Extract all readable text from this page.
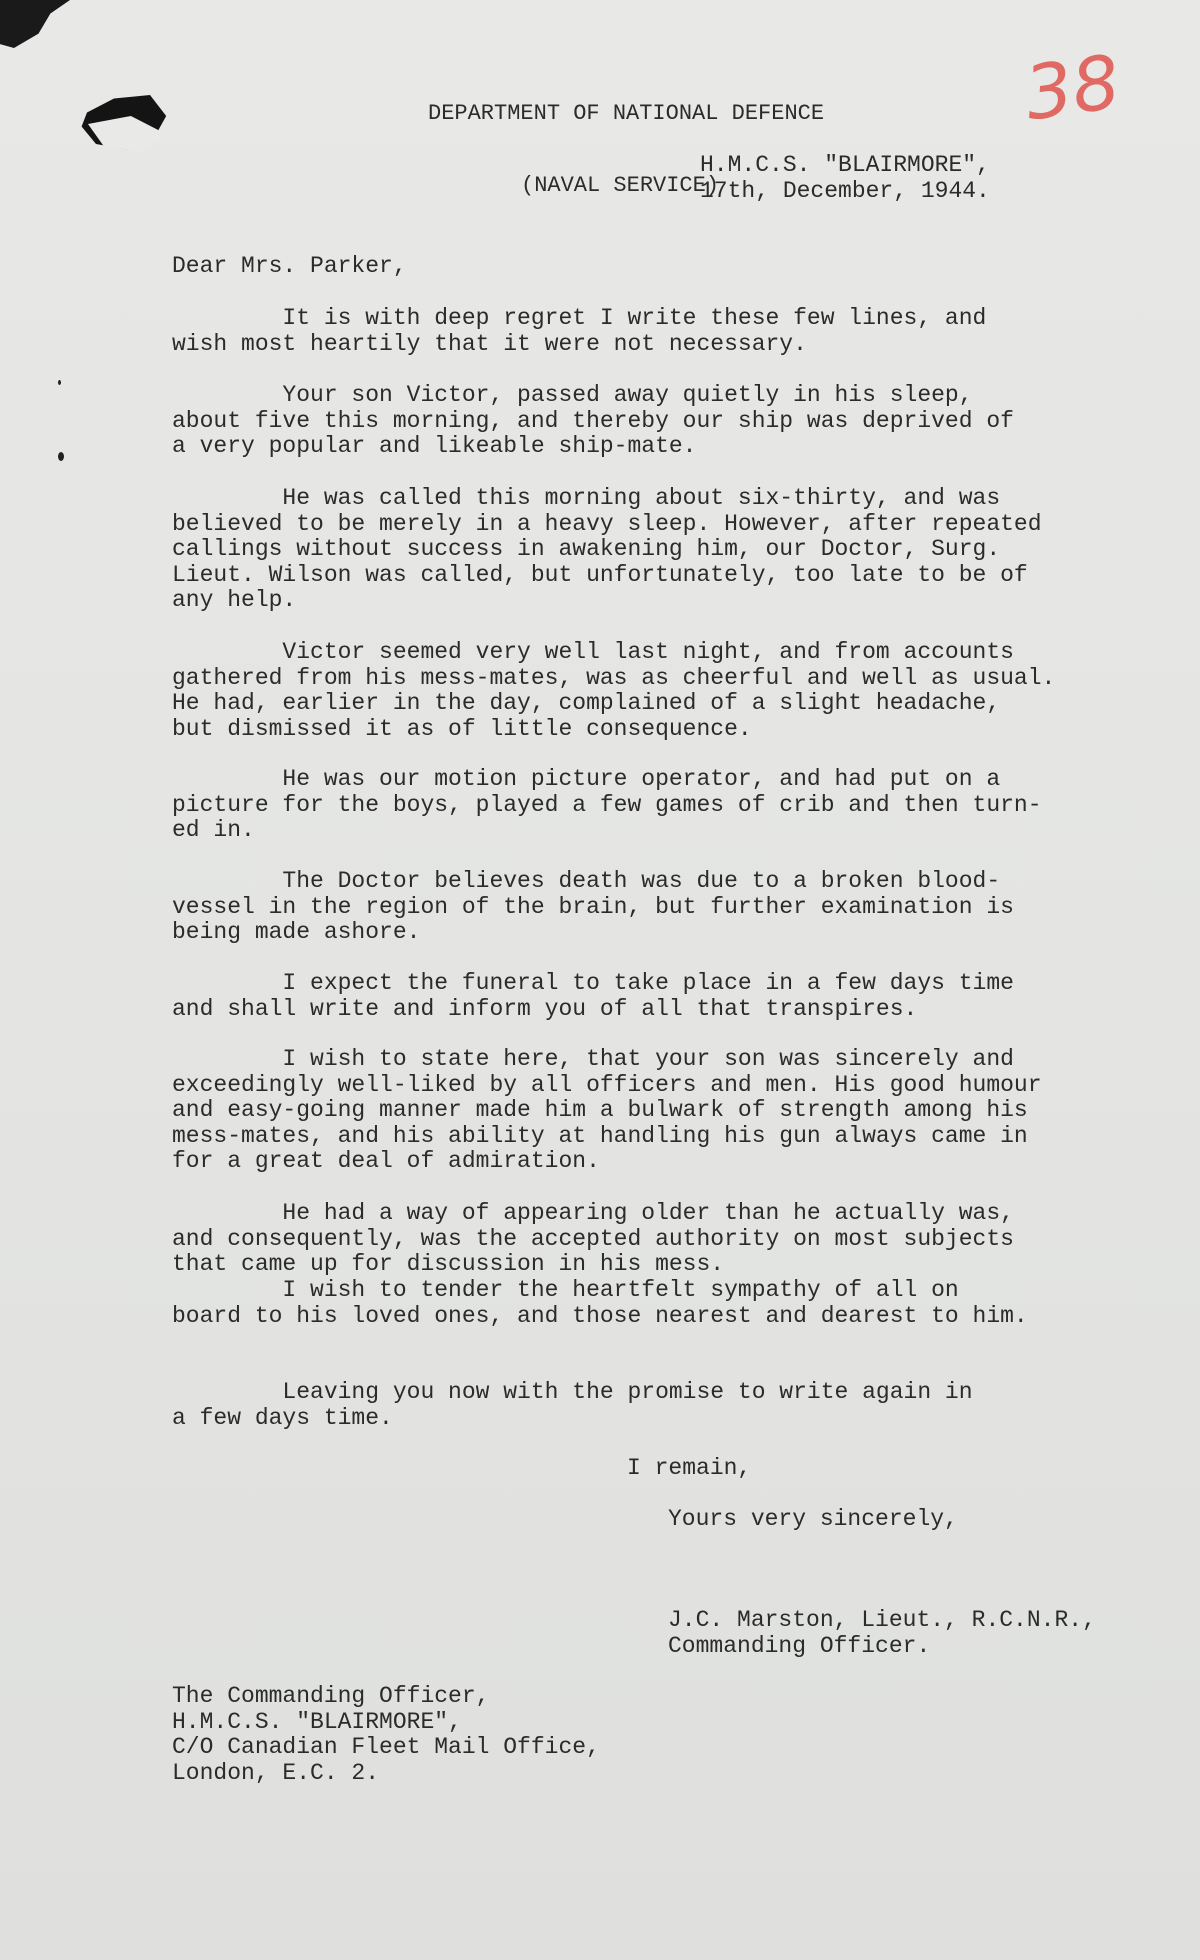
38

DEPARTMENT OF NATIONAL DEFENCE

(NAVAL SERVICE)

H.M.C.S. "BLAIRMORE",
17th, December, 1944.
Dear Mrs. Parker,
It is with deep regret I write these few lines, and
wish most heartily that it were not necessary.
Your son Victor, passed away quietly in his sleep,
about five this morning, and thereby our ship was deprived of
a very popular and likeable ship-mate.
He was called this morning about six-thirty, and was
believed to be merely in a heavy sleep. However, after repeated
callings without success in awakening him, our Doctor, Surg.
Lieut. Wilson was called, but unfortunately, too late to be of
any help.
Victor seemed very well last night, and from accounts
gathered from his mess-mates, was as cheerful and well as usual.
He had, earlier in the day, complained of a slight headache,
but dismissed it as of little consequence.
He was our motion picture operator, and had put on a
picture for the boys, played a few games of crib and then turn-
ed in.
The Doctor believes death was due to a broken blood-
vessel in the region of the brain, but further examination is
being made ashore.
I expect the funeral to take place in a few days time
and shall write and inform you of all that transpires.
I wish to state here, that your son was sincerely and
exceedingly well-liked by all officers and men. His good humour
and easy-going manner made him a bulwark of strength among his
mess-mates, and his ability at handling his gun always came in
for a great deal of admiration.
He had a way of appearing older than he actually was,
and consequently, was the accepted authority on most subjects
that came up for discussion in his mess.
I wish to tender the heartfelt sympathy of all on
board to his loved ones, and those nearest and dearest to him.
Leaving you now with the promise to write again in
a few days time.
I remain,
Yours very sincerely,
J.C. Marston, Lieut., R.C.N.R.,
Commanding Officer.
The Commanding Officer,
H.M.C.S. "BLAIRMORE",
C/O Canadian Fleet Mail Office,
London, E.C. 2.
